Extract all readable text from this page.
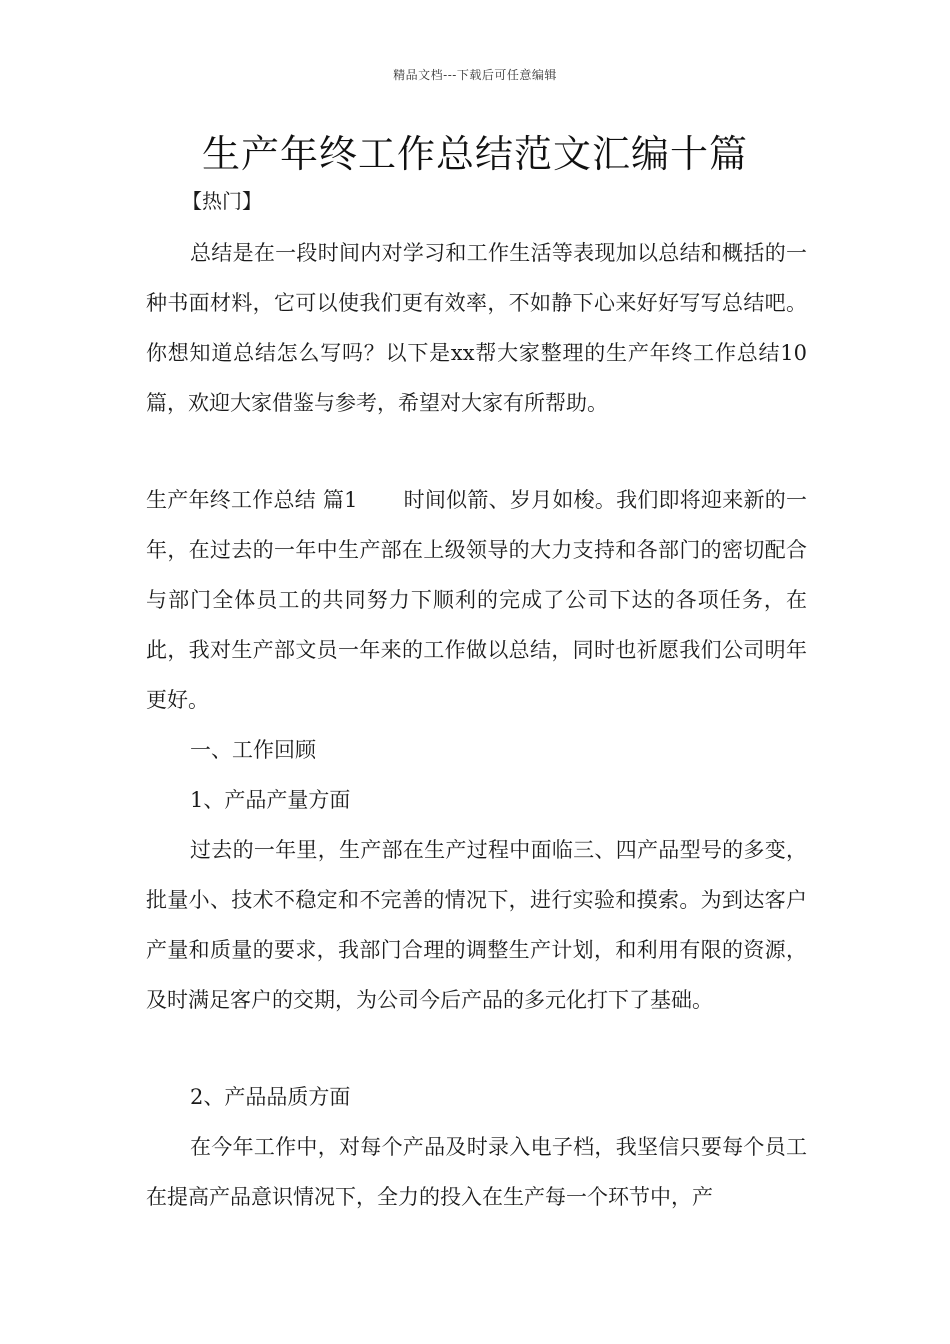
精品文档---下载后可任意编辑
生产年终工作总结范文汇编十篇
【热门】

总结是在一段时间内对学习和工作生活等表现加以总结和概括的一种书面材料，它可以使我们更有效率，不如静下心来好好写写总结吧。你想知道总结怎么写吗？以下是xx帮大家整理的生产年终工作总结10篇，欢迎大家借鉴与参考，希望对大家有所帮助。

生产年终工作总结 篇1 时间似箭、岁月如梭。我们即将迎来新的一年，在过去的一年中生产部在上级领导的大力支持和各部门的密切配合与部门全体员工的共同努力下顺利的完成了公司下达的各项任务，在此，我对生产部文员一年来的工作做以总结，同时也祈愿我们公司明年更好。

一、工作回顾

1、产品产量方面

过去的一年里，生产部在生产过程中面临三、四产品型号的多变，批量小、技术不稳定和不完善的情况下，进行实验和摸索。为到达客户产量和质量的要求，我部门合理的调整生产计划，和利用有限的资源，及时满足客户的交期，为公司今后产品的多元化打下了基础。

2、产品品质方面

在今年工作中，对每个产品及时录入电子档，我坚信只要每个员工在提高产品意识情况下，全力的投入在生产每一个环节中，产
